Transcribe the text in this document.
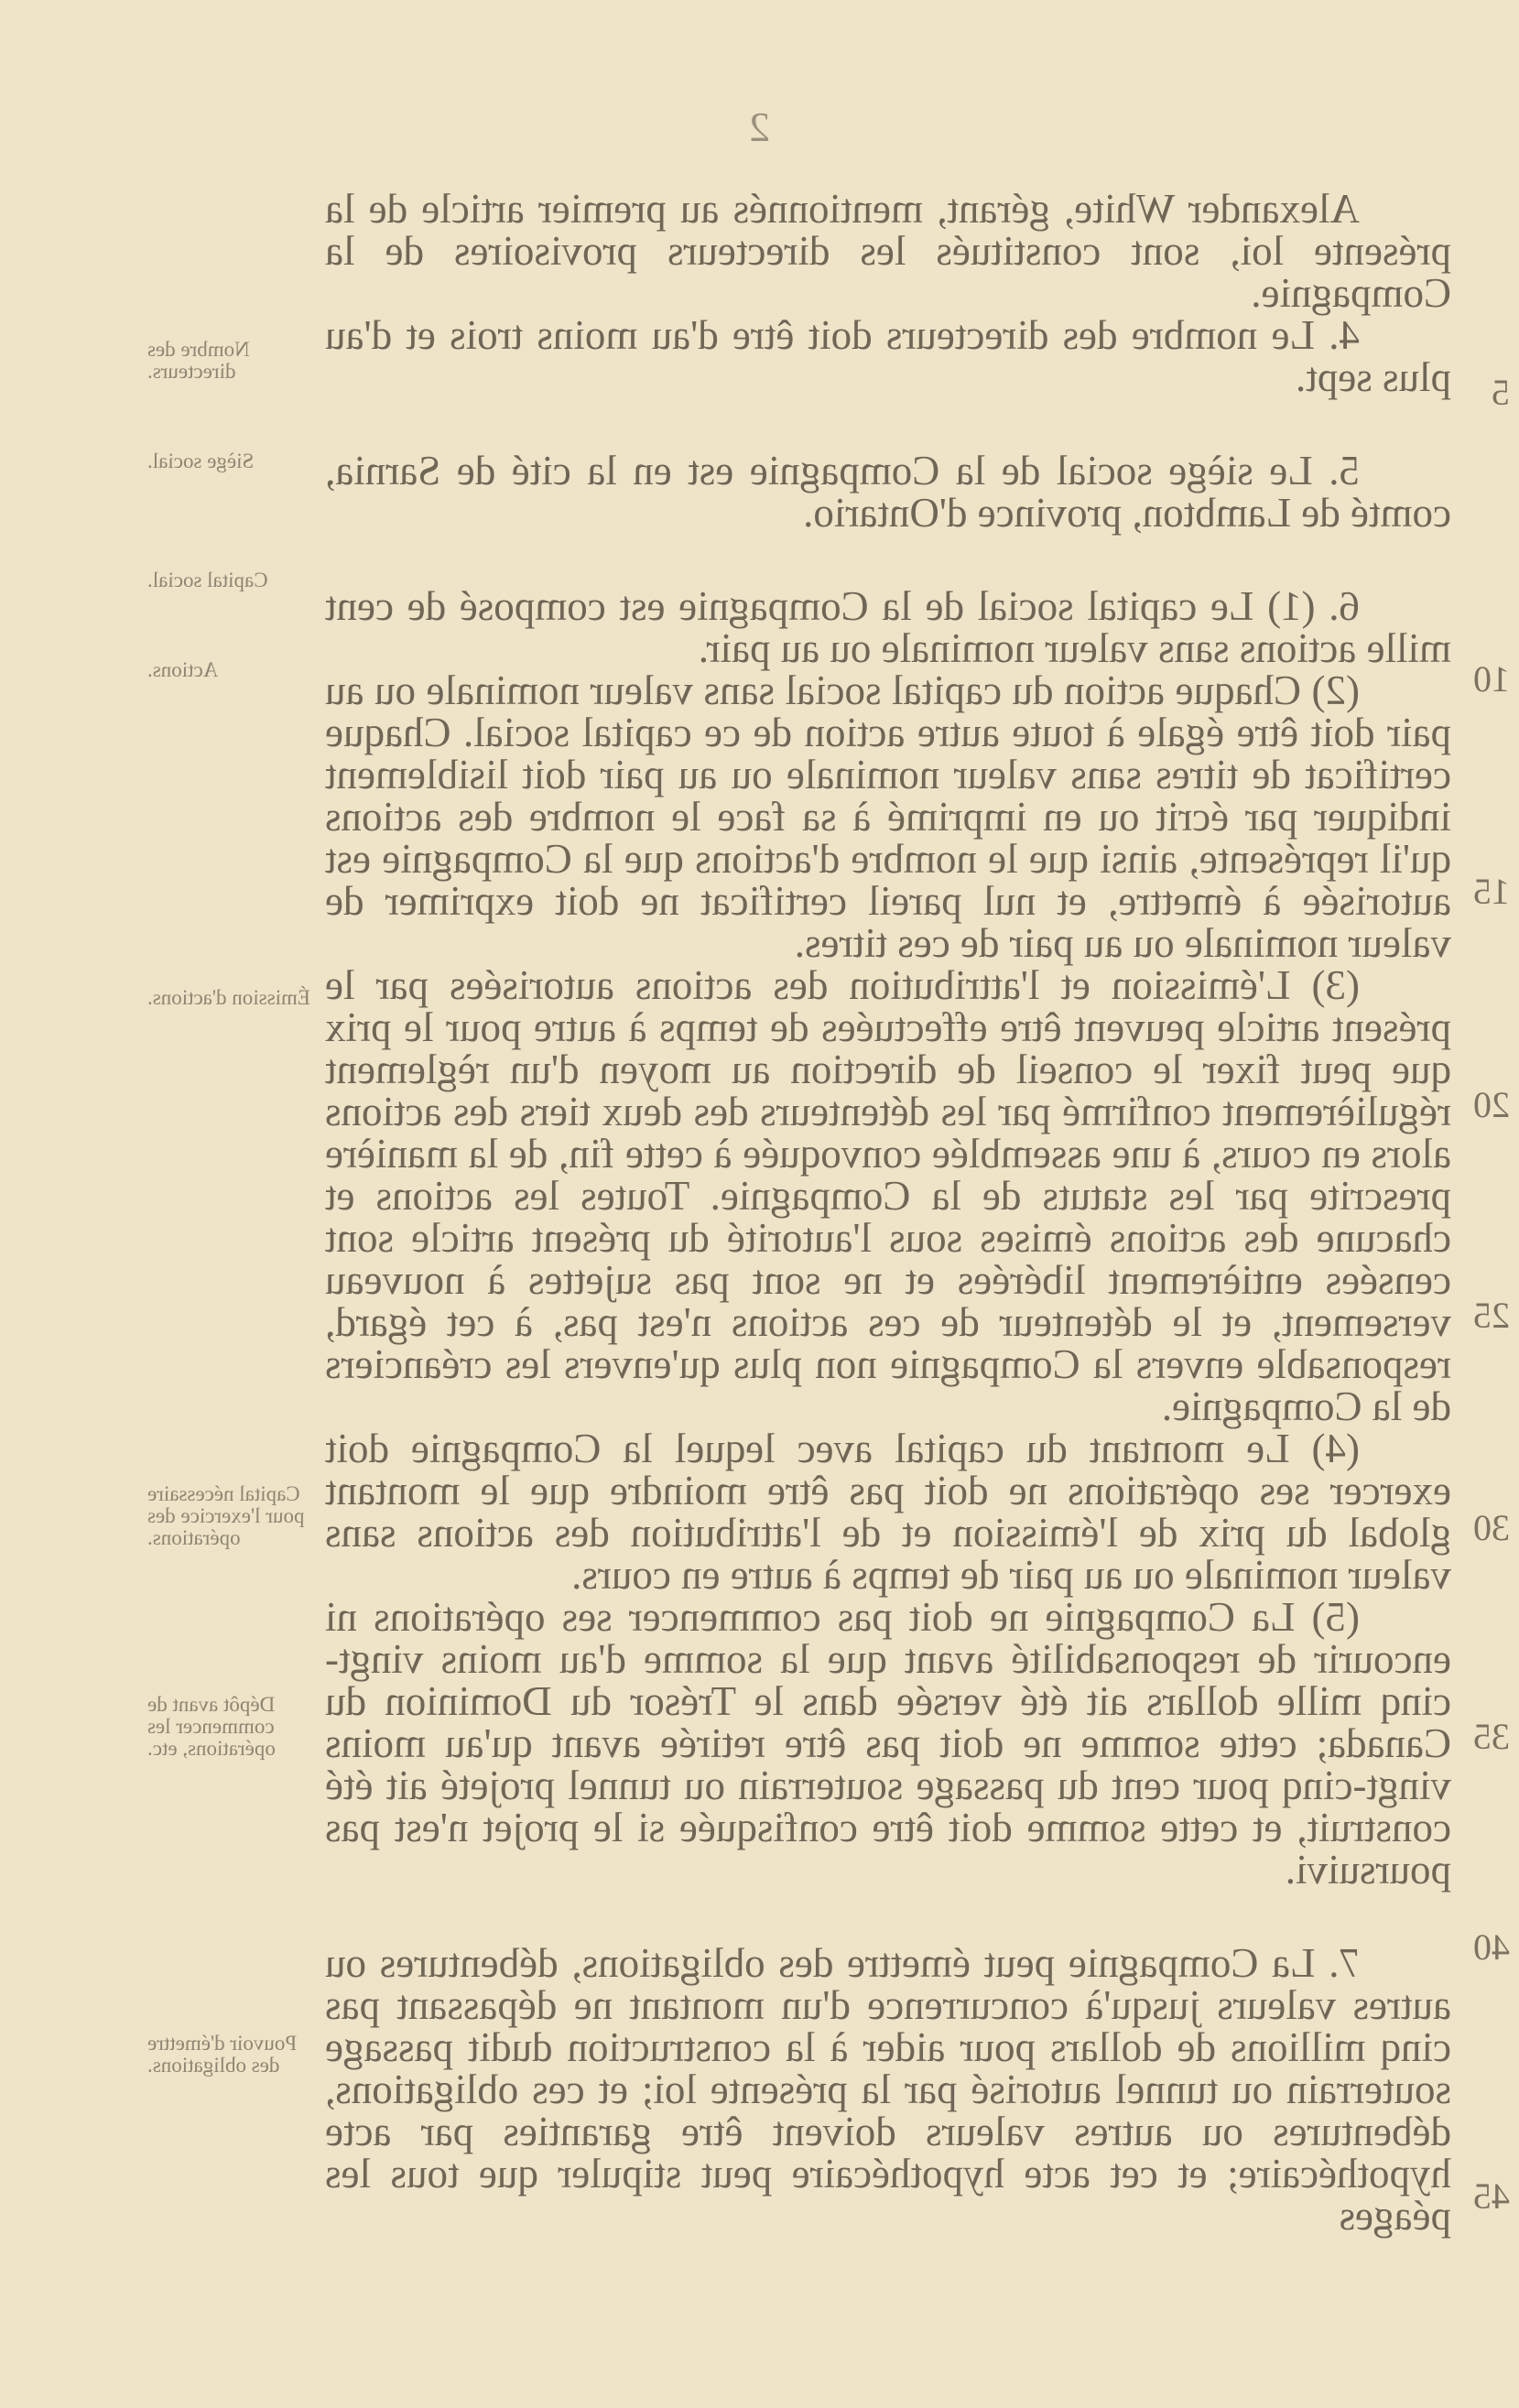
2

Alexander White, gérant, mentionnés au premier article de la présente loi, sont constitués les directeurs provisoires de la Compagnie.

4. Le nombre des directeurs doit être d'au moins trois et d'au plus sept.

5. Le siège social de la Compagnie est en la cité de Sarnia, comté de Lambton, province d'Ontario.

6. (1) Le capital social de la Compagnie est composé de cent mille actions sans valeur nominale ou au pair.

(2) Chaque action du capital social sans valeur nominale ou au pair doit être égale à toute autre action de ce capital social. Chaque certificat de titres sans valeur nominale ou au pair doit lisiblement indiquer par écrit ou en imprimé à sa face le nombre des actions qu'il représente, ainsi que le nombre d'actions que la Compagnie est autorisée à émettre, et nul pareil certificat ne doit exprimer de valeur nominale ou au pair de ces titres.

(3) L'émission et l'attribution des actions autorisées par le présent article peuvent être effectuées de temps à autre pour le prix que peut fixer le conseil de direction au moyen d'un règlement régulièrement confirmé par les détenteurs des deux tiers des actions alors en cours, à une assemblée convoquée à cette fin, de la manière prescrite par les statuts de la Compagnie. Toutes les actions et chacune des actions émises sous l'autorité du présent article sont censées entièrement libérées et ne sont pas sujettes à nouveau versement, et le détenteur de ces actions n'est pas, à cet égard, responsable envers la Compagnie non plus qu'envers les créanciers de la Compagnie.

(4) Le montant du capital avec lequel la Compagnie doit exercer ses opérations ne doit pas être moindre que le montant global du prix de l'émission et de l'attribution des actions sans valeur nominale ou au pair de temps à autre en cours.

(5) La Compagnie ne doit pas commencer ses opérations ni encourir de responsabilité avant que la somme d'au moins vingt-cinq mille dollars ait été versée dans le Trésor du Dominion du Canada; cette somme ne doit pas être retirée avant qu'au moins vingt-cinq pour cent du passage souterrain ou tunnel projeté ait été construit, et cette somme doit être confisquée si le projet n'est pas poursuivi.

7. La Compagnie peut émettre des obligations, débentures ou autres valeurs jusqu'à concurrence d'un montant ne dépassant pas cinq millions de dollars pour aider à la construction dudit passage souterrain ou tunnel autorisé par la présente loi; et ces obligations, débentures ou autres valeurs doivent être garanties par acte hypothécaire; et cet acte hypothécaire peut stipuler que tous les péages

Nombre des directeurs.
Siège social.
Capital social.
Actions.
Émission d'actions.
Capital nécessaire pour l'exercice des opérations.
Dépôt avant de commencer les opérations, etc.
Pouvoir d'émettre des obligations.
5
10
15
20
25
30
35
40
45
